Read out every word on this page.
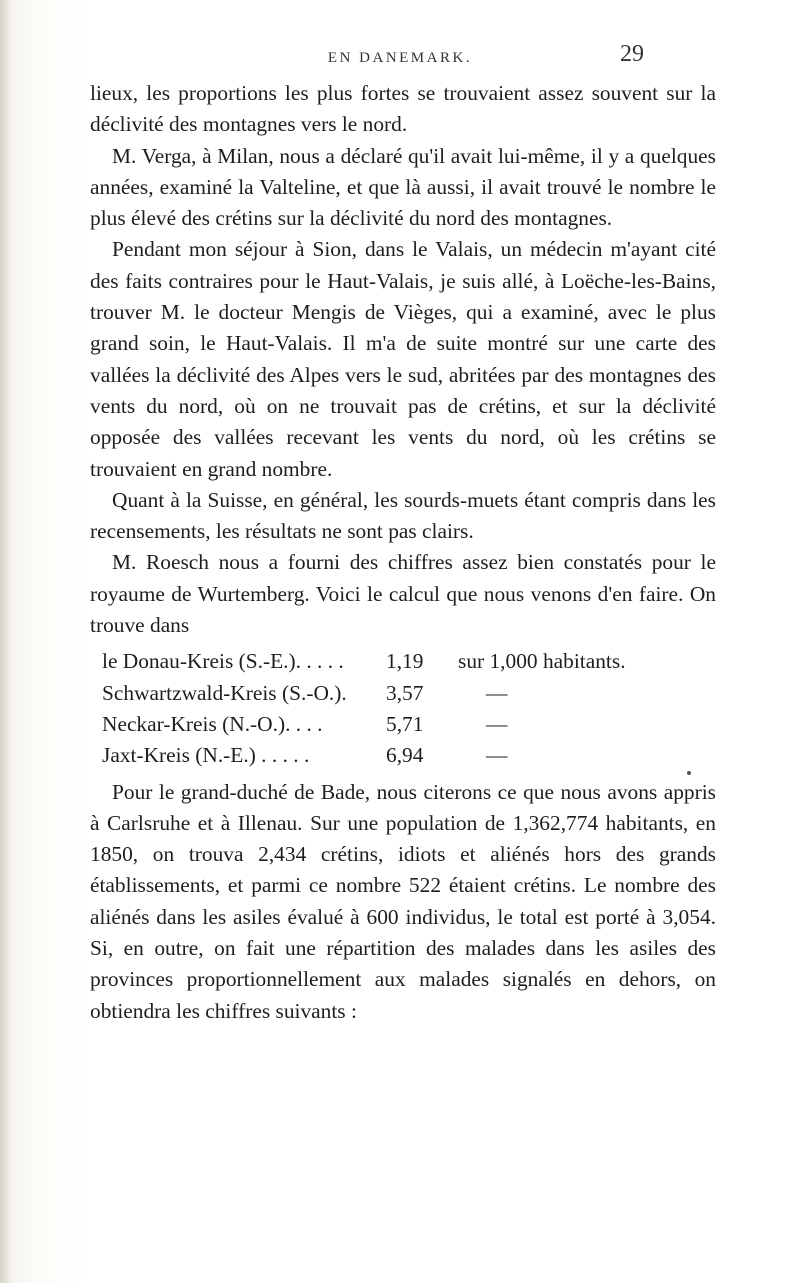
EN DANEMARK.	29

lieux, les proportions les plus fortes se trouvaient assez souvent sur la déclivité des montagnes vers le nord.

M. Verga, à Milan, nous a déclaré qu'il avait lui-même, il y a quelques années, examiné la Valteline, et que là aussi, il avait trouvé le nombre le plus élevé des crétins sur la déclivité du nord des montagnes.

Pendant mon séjour à Sion, dans le Valais, un médecin m'ayant cité des faits contraires pour le Haut-Valais, je suis allé, à Loëche-les-Bains, trouver M. le docteur Mengis de Vièges, qui a examiné, avec le plus grand soin, le Haut-Valais. Il m'a de suite montré sur une carte des vallées la déclivité des Alpes vers le sud, abritées par des montagnes des vents du nord, où on ne trouvait pas de crétins, et sur la déclivité opposée des vallées recevant les vents du nord, où les crétins se trouvaient en grand nombre.

Quant à la Suisse, en général, les sourds-muets étant compris dans les recensements, les résultats ne sont pas clairs.

M. Roesch nous a fourni des chiffres assez bien constatés pour le royaume de Wurtemberg. Voici le calcul que nous venons d'en faire. On trouve dans

le Donau-Kreis (S.-E.). . . . .	1,19	sur 1,000 habitants.
Schwartzwald-Kreis (S.-O.).	3,57	—
Neckar-Kreis (N.-O.). . . .	5,71	—
Jaxt-Kreis (N.-E.) . . . . .	6,94	—

Pour le grand-duché de Bade, nous citerons ce que nous avons appris à Carlsruhe et à Illenau. Sur une population de 1,362,774 habitants, en 1850, on trouva 2,434 crétins, idiots et aliénés hors des grands établissements, et parmi ce nombre 522 étaient crétins. Le nombre des aliénés dans les asiles évalué à 600 individus, le total est porté à 3,054. Si, en outre, on fait une répartition des malades dans les asiles des provinces proportionnellement aux malades signalés en dehors, on obtiendra les chiffres suivants :
